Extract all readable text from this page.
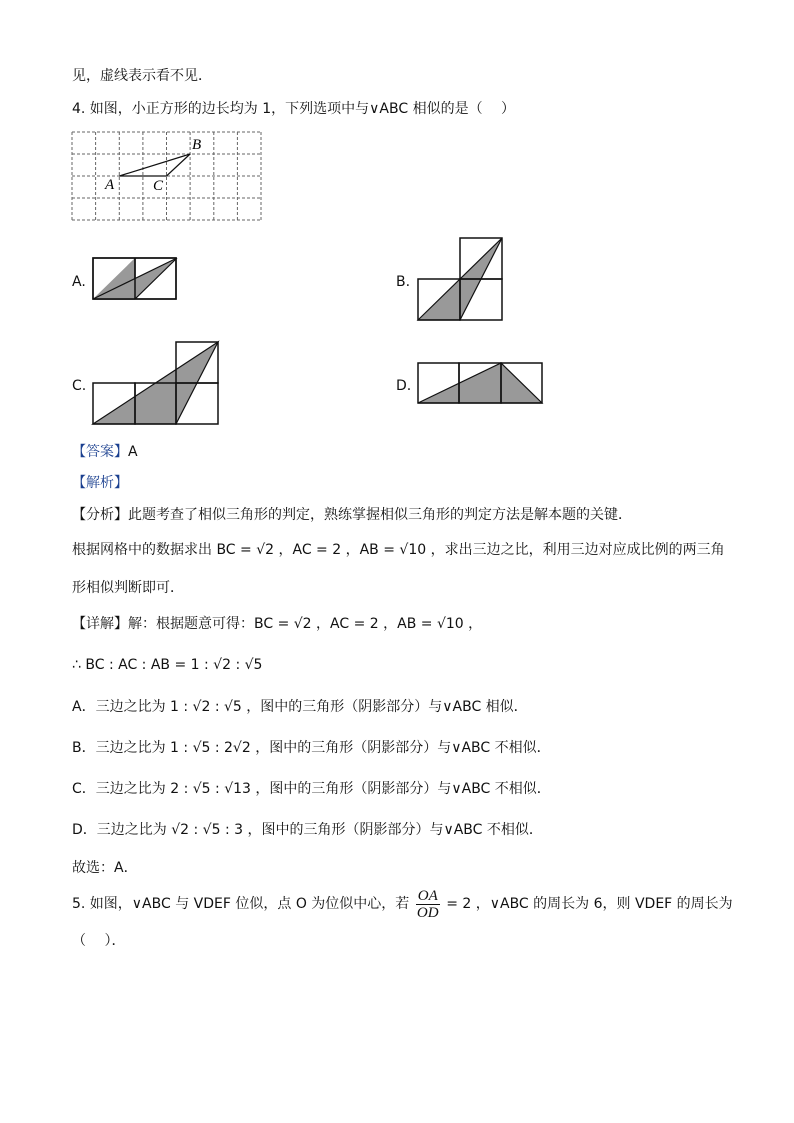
见，虚线表示看不见．
4. 如图，小正方形的边长均为 1，下列选项中与∨ABC 相似的是（　 ）
A	C
B
A.	B.
C.	D.
【答案】A
【解析】
【分析】此题考查了相似三角形的判定，熟练掌握相似三角形的判定方法是解本题的关键．
根据网格中的数据求出 BC = √2 ，AC = 2 ，AB = √10 ，求出三边之比，利用三边对应成比例的两三角
形相似判断即可．
【详解】解：根据题意可得：BC = √2 ，AC = 2 ，AB = √10 ，
∴ BC : AC : AB = 1 : √2 : √5
A．三边之比为 1 : √2 : √5 ，图中的三角形（阴影部分）与∨ABC 相似．
B．三边之比为 1 : √5 : 2√2 ，图中的三角形（阴影部分）与∨ABC 不相似．
C．三边之比为 2 : √5 : √13 ，图中的三角形（阴影部分）与∨ABC 不相似．
D．三边之比为 √2 : √5 : 3 ，图中的三角形（阴影部分）与∨ABC 不相似．
故选：A．
5. 如图，∨ABC 与 VDEF 位似，点 O 为位似中心，若 $\frac{OA}{OD} = 2$ ，∨ABC 的周长为 6，则 VDEF 的周长为
（　 ）．
